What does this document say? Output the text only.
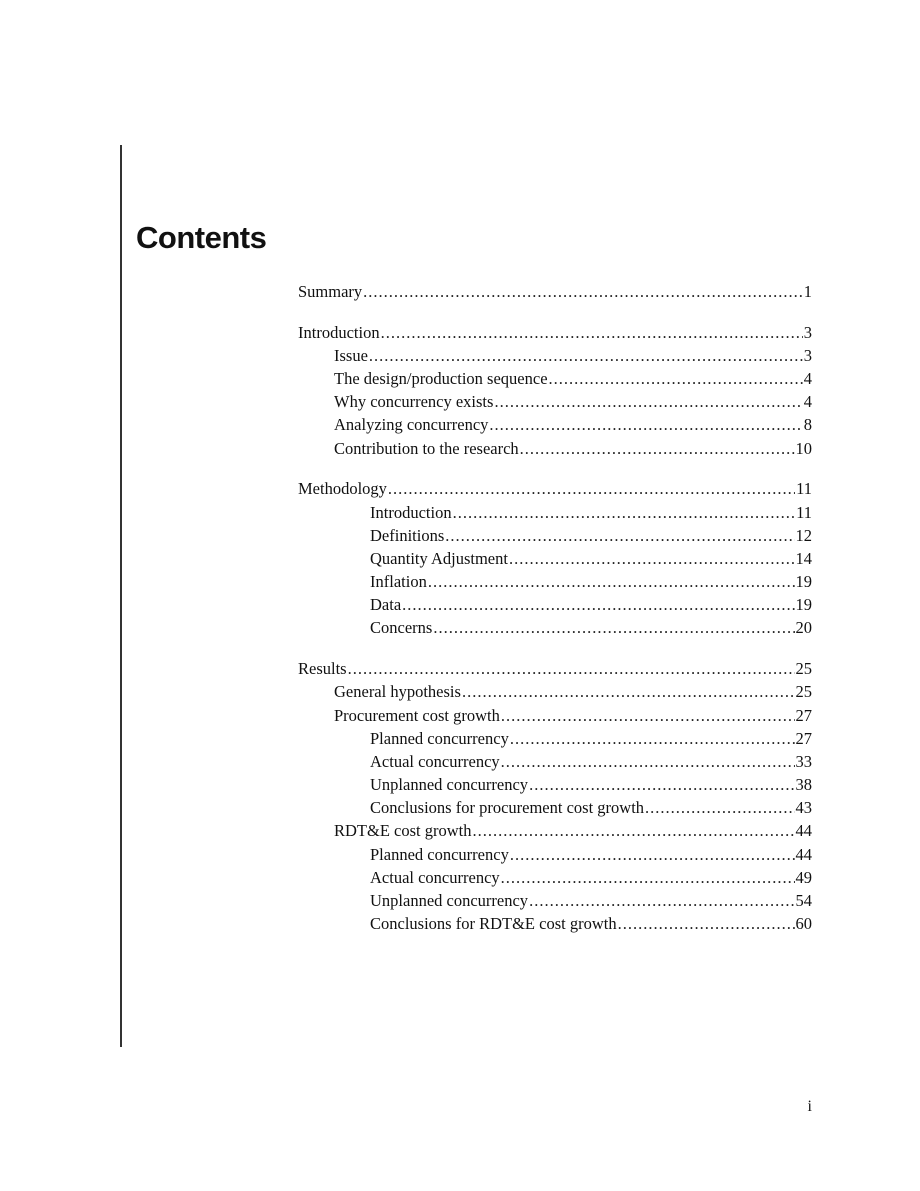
Contents
Summary .....	1
Introduction .....	3
Issue .....	3
The design/production sequence .....	4
Why concurrency exists .....	4
Analyzing concurrency .....	8
Contribution to the research .....	10
Methodology .....	11
Introduction .....	11
Definitions .....	12
Quantity Adjustment .....	14
Inflation .....	19
Data .....	19
Concerns .....	20
Results .....	25
General hypothesis .....	25
Procurement cost growth .....	27
Planned concurrency .....	27
Actual concurrency .....	33
Unplanned concurrency .....	38
Conclusions for procurement cost growth .....	43
RDT&E cost growth .....	44
Planned concurrency .....	44
Actual concurrency .....	49
Unplanned concurrency .....	54
Conclusions for RDT&E cost growth .....	60
i
